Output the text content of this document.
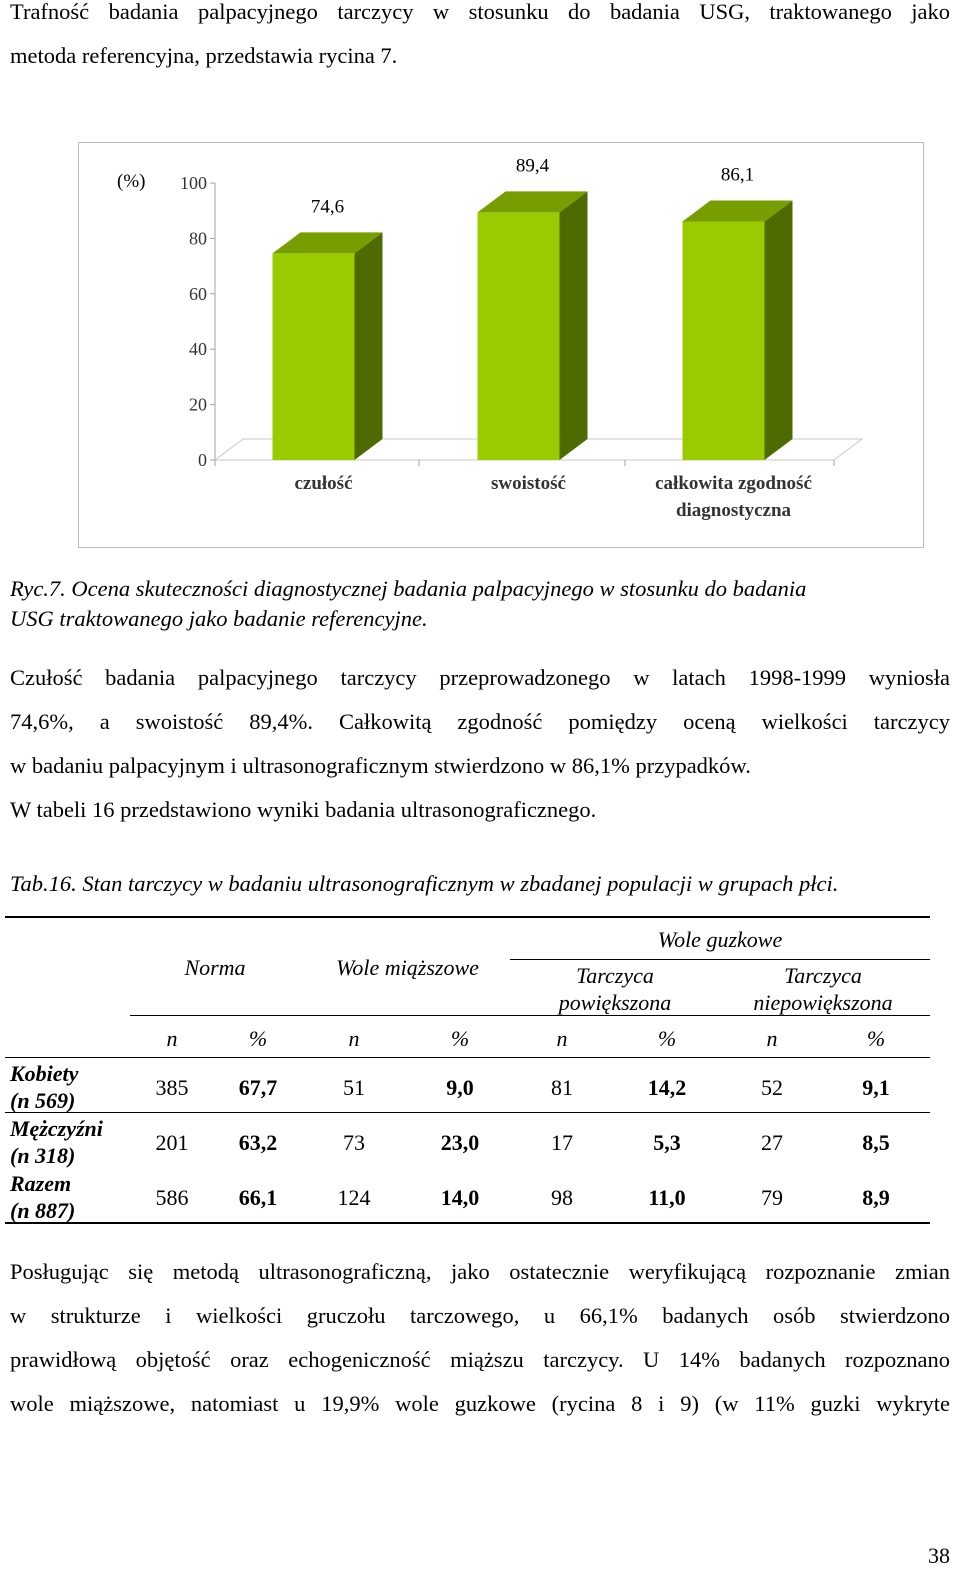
Trafność badania palpacyjnego tarczycy w stosunku do badania USG, traktowanego jako
metoda referencyjna, przedstawia rycina 7.
0
20
40
60
80
100
(%)
74,6
czułość
89,4
swoistość
86,1
całkowita zgodność
diagnostyczna
Ryc.7. Ocena skuteczności diagnostycznej badania palpacyjnego w stosunku do badania
USG traktowanego jako badanie referencyjne.
Czułość badania palpacyjnego tarczycy przeprowadzonego w latach 1998-1999 wyniosła
74,6%, a swoistość 89,4%. Całkowitą zgodność pomiędzy oceną wielkości tarczycy
w badaniu palpacyjnym i ultrasonograficznym stwierdzono w 86,1% przypadków.
W tabeli 16 przedstawiono wyniki badania ultrasonograficznego.
Tab.16. Stan tarczycy w badaniu ultrasonograficznym w zbadanej populacji w grupach płci.
Norma	Wole miąższowe
Wole guzkowe
Tarczyca
powiększona
Tarczyca
niepowiększona
n	%	n	%	n	%	n	%
Kobiety
(n 569)
385	67,7	51	9,0	81	14,2	52	9,1
Mężczyźni
(n 318)
201	63,2	73	23,0	17	5,3	27	8,5
Razem
(n 887)
586	66,1	124	14,0	98	11,0	79	8,9
Posługując się metodą ultrasonograficzną, jako ostatecznie weryfikującą rozpoznanie zmian
w strukturze i wielkości gruczołu tarczowego, u 66,1% badanych osób stwierdzono
prawidłową objętość oraz echogeniczność miąższu tarczycy. U 14% badanych rozpoznano
wole miąższowe, natomiast u 19,9% wole guzkowe (rycina 8 i 9) (w 11% guzki wykryte
38
